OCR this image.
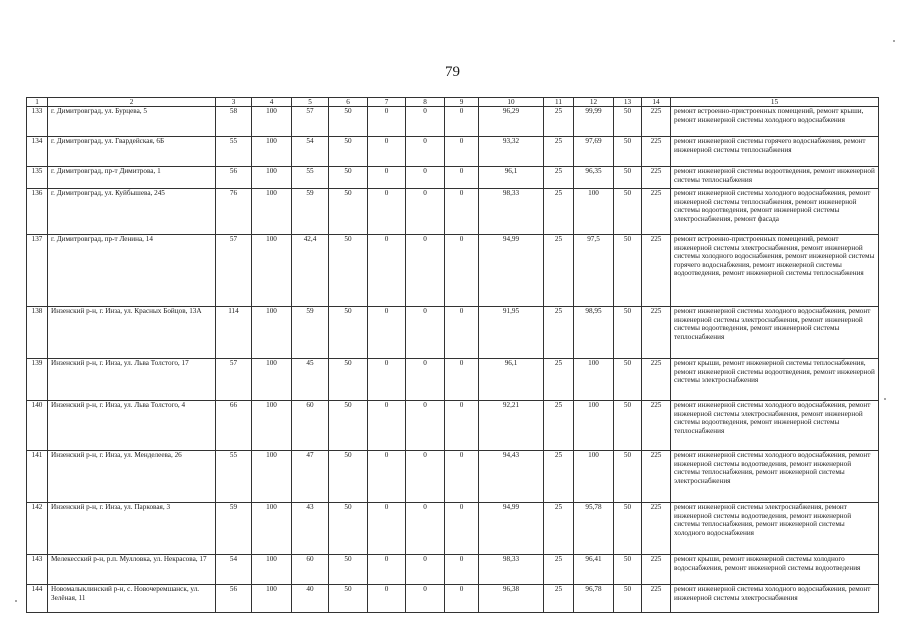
79
1	2	3	4	5	6	7	8	9	10	11	12	13	14	15
133	г. Димитровград, ул. Бурцева, 5	58	100	57	50	0	0	0	96,29	25	99,99	50	225	ремонт встроенно-пристроенных помещений, ремонт крыши, ремонт инженерной системы холодного водоснабжения
134	г. Димитровград, ул. Гвардейская, 6Б	55	100	54	50	0	0	0	93,32	25	97,69	50	225	ремонт инженерной системы горячего водоснабжения, ремонт инженерной системы теплоснабжения
135	г. Димитровград, пр-т Димитрова, 1	56	100	55	50	0	0	0	96,1	25	96,35	50	225	ремонт инженерной системы водоотведения, ремонт инженерной системы теплоснабжения
136	г. Димитровград, ул. Куйбышева, 245	76	100	59	50	0	0	0	98,33	25	100	50	225	ремонт инженерной системы холодного водоснабжения, ремонт инженерной системы теплоснабжения, ремонт инженерной системы водоотведения, ремонт инженерной системы электроснабжения, ремонт фасада
137	г. Димитровград, пр-т Ленина, 14	57	100	42,4	50	0	0	0	94,99	25	97,5	50	225	ремонт встроенно-пристроенных помещений, ремонт инженерной системы электроснабжения, ремонт инженерной системы холодного водоснабжения, ремонт инженерной системы горячего водоснабжения, ремонт инженерной системы водоотведения, ремонт инженерной системы теплоснабжения
138	Инзенский р-н, г. Инза, ул. Красных Бойцов, 13А	114	100	59	50	0	0	0	91,95	25	98,95	50	225	ремонт инженерной системы холодного водоснабжения, ремонт инженерной системы электроснабжения, ремонт инженерной системы водоотведения, ремонт инженерной системы теплоснабжения
139	Инзенский р-н, г. Инза, ул. Льва Толстого, 17	57	100	45	50	0	0	0	96,1	25	100	50	225	ремонт крыши, ремонт инженерной системы теплоснабжения, ремонт инженерной системы водоотведения, ремонт инженерной системы электроснабжения
140	Инзенский р-н, г. Инза, ул. Льва Толстого, 4	66	100	60	50	0	0	0	92,21	25	100	50	225	ремонт инженерной системы холодного водоснабжения, ремонт инженерной системы электроснабжения, ремонт инженерной системы водоотведения, ремонт инженерной системы теплоснабжения
141	Инзенский р-н, г. Инза, ул. Менделеева, 26	55	100	47	50	0	0	0	94,43	25	100	50	225	ремонт инженерной системы холодного водоснабжения, ремонт инженерной системы водоотведения, ремонт инженерной системы теплоснабжения, ремонт инженерной системы электроснабжения
142	Инзенский р-н, г. Инза, ул. Парковая, 3	59	100	43	50	0	0	0	94,99	25	95,78	50	225	ремонт инженерной системы электроснабжения, ремонт инженерной системы водоотведения, ремонт инженерной системы теплоснабжения, ремонт инженерной системы холодного водоснабжения
143	Мелекесский р-н, р.п. Мулловка, ул. Некрасова, 17	54	100	60	50	0	0	0	98,33	25	96,41	50	225	ремонт крыши, ремонт инженерной системы холодного водоснабжения, ремонт инженерной системы водоотведения
144	Новомалыклинский р-н, с. Новочеремшанск, ул. Зелёная, 11	56	100	40	50	0	0	0	96,38	25	96,78	50	225	ремонт инженерной системы холодного водоснабжения, ремонт инженерной системы электроснабжения
